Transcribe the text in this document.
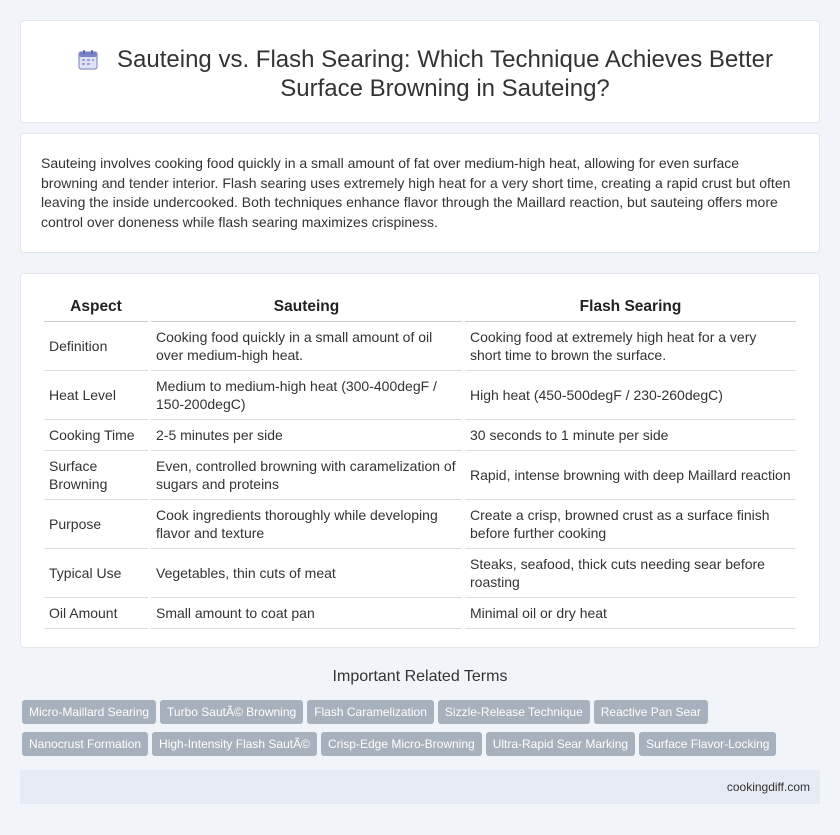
Sauteing vs. Flash Searing: Which Technique Achieves Better Surface Browning in Sauteing?
Sauteing involves cooking food quickly in a small amount of fat over medium-high heat, allowing for even surface browning and tender interior. Flash searing uses extremely high heat for a very short time, creating a rapid crust but often leaving the inside undercooked. Both techniques enhance flavor through the Maillard reaction, but sauteing offers more control over doneness while flash searing maximizes crispiness.
Aspect	Sauteing	Flash Searing
Definition	Cooking food quickly in a small amount of oil over medium-high heat.	Cooking food at extremely high heat for a very short time to brown the surface.
Heat Level	Medium to medium-high heat (300-400degF / 150-200degC)	High heat (450-500degF / 230-260degC)
Cooking Time	2-5 minutes per side	30 seconds to 1 minute per side
Surface Browning	Even, controlled browning with caramelization of sugars and proteins	Rapid, intense browning with deep Maillard reaction
Purpose	Cook ingredients thoroughly while developing flavor and texture	Create a crisp, browned crust as a surface finish before further cooking
Typical Use	Vegetables, thin cuts of meat	Steaks, seafood, thick cuts needing sear before roasting
Oil Amount	Small amount to coat pan	Minimal oil or dry heat
Important Related Terms
Micro-Maillard Searing Turbo SautÃ© Browning Flash Caramelization Sizzle-Release Technique Reactive Pan Sear
Nanocrust Formation High-Intensity Flash SautÃ© Crisp-Edge Micro-Browning Ultra-Rapid Sear Marking Surface Flavor-Locking
cookingdiff.com
